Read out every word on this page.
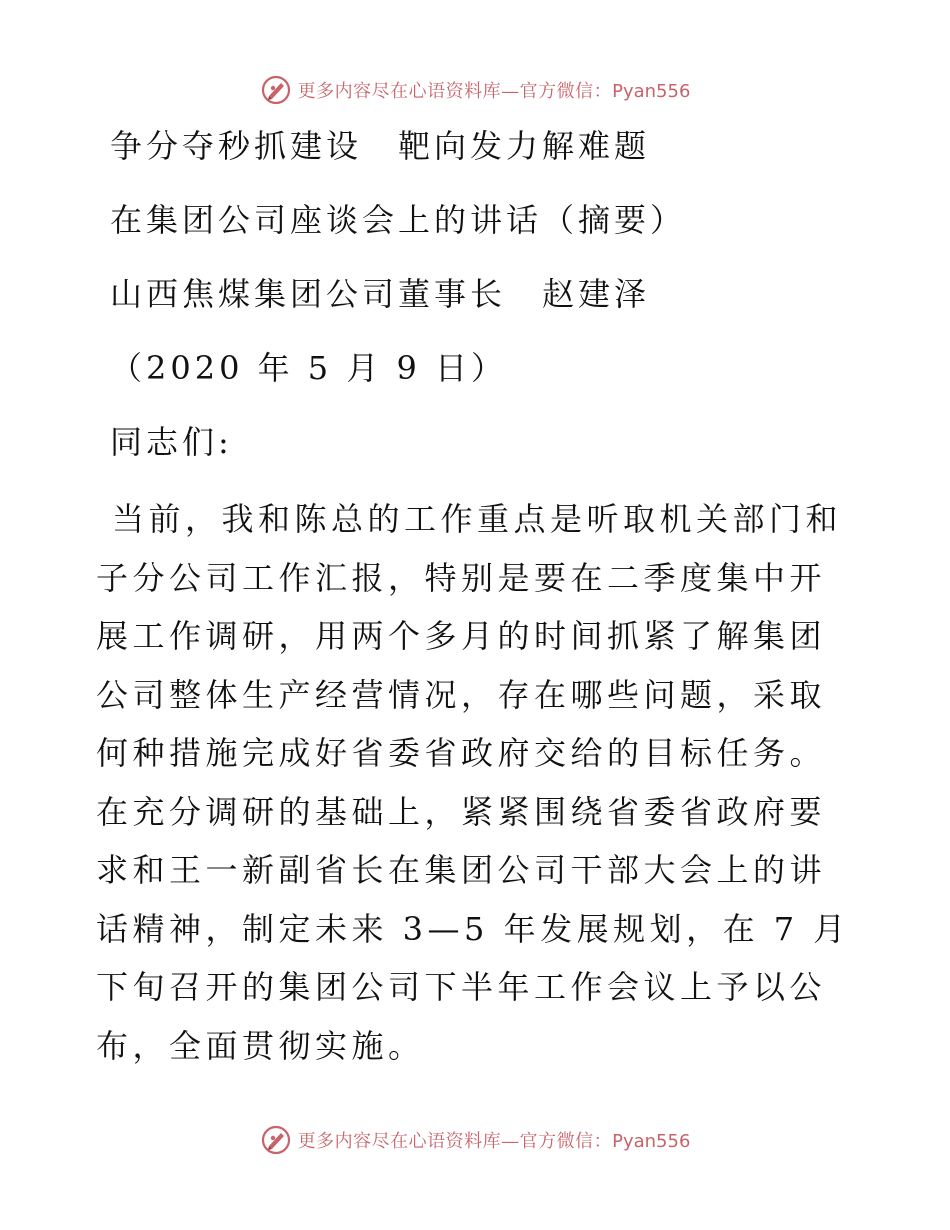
更多内容尽在心语资料库—官方微信：Pyan556
争分夺秒抓建设　靶向发力解难题
在集团公司座谈会上的讲话（摘要）
山西焦煤集团公司董事长　赵建泽
（2020 年 5 月 9 日）
同志们:
当前，我和陈总的工作重点是听取机关部门和子分公司工作汇报，特别是要在二季度集中开展工作调研，用两个多月的时间抓紧了解集团公司整体生产经营情况，存在哪些问题，采取何种措施完成好省委省政府交给的目标任务。在充分调研的基础上，紧紧围绕省委省政府要求和王一新副省长在集团公司干部大会上的讲话精神，制定未来 3—5 年发展规划，在 7 月下旬召开的集团公司下半年工作会议上予以公布，全面贯彻实施。
更多内容尽在心语资料库—官方微信：Pyan556
